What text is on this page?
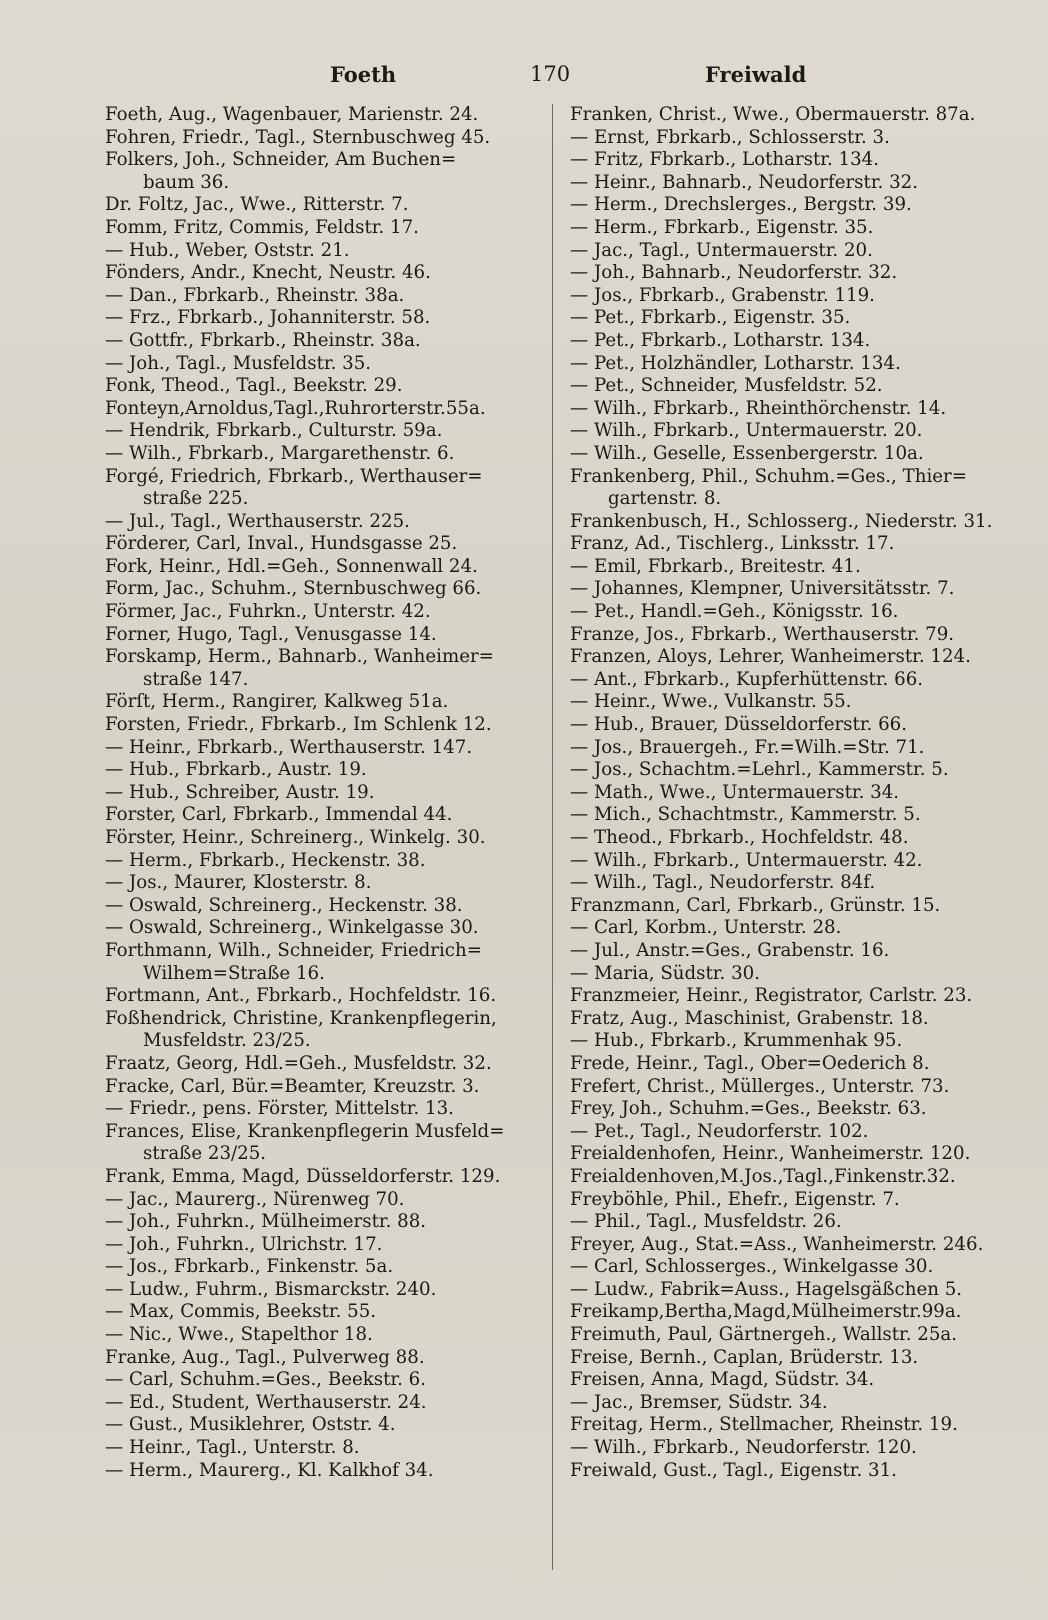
Foeth	170	Freiwald
Foeth, Aug., Wagenbauer, Marienstr. 24.
Fohren, Friedr., Tagl., Sternbuschweg 45.
Folkers, Joh., Schneider, Am Buchen=
baum 36.
Dr. Foltz, Jac., Wwe., Ritterstr. 7.
Fomm, Fritz, Commis, Feldstr. 17.
— Hub., Weber, Oststr. 21.
Fönders, Andr., Knecht, Neustr. 46.
— Dan., Fbrkarb., Rheinstr. 38a.
— Frz., Fbrkarb., Johanniterstr. 58.
— Gottfr., Fbrkarb., Rheinstr. 38a.
— Joh., Tagl., Musfeldstr. 35.
Fonk, Theod., Tagl., Beekstr. 29.
Fonteyn,Arnoldus,Tagl.,Ruhrorterstr.55a.
— Hendrik, Fbrkarb., Culturstr. 59a.
— Wilh., Fbrkarb., Margarethenstr. 6.
Forgé, Friedrich, Fbrkarb., Werthauser=
straße 225.
— Jul., Tagl., Werthauserstr. 225.
Förderer, Carl, Inval., Hundsgasse 25.
Fork, Heinr., Hdl.=Geh., Sonnenwall 24.
Form, Jac., Schuhm., Sternbuschweg 66.
Förmer, Jac., Fuhrkn., Unterstr. 42.
Forner, Hugo, Tagl., Venusgasse 14.
Forskamp, Herm., Bahnarb., Wanheimer=
straße 147.
Förſt, Herm., Rangirer, Kalkweg 51a.
Forsten, Friedr., Fbrkarb., Im Schlenk 12.
— Heinr., Fbrkarb., Werthauserstr. 147.
— Hub., Fbrkarb., Austr. 19.
— Hub., Schreiber, Austr. 19.
Forster, Carl, Fbrkarb., Immendal 44.
Förster, Heinr., Schreinerg., Winkelg. 30.
— Herm., Fbrkarb., Heckenstr. 38.
— Jos., Maurer, Klosterstr. 8.
— Oswald, Schreinerg., Heckenstr. 38.
— Oswald, Schreinerg., Winkelgasse 30.
Forthmann, Wilh., Schneider, Friedrich=
Wilhem=Straße 16.
Fortmann, Ant., Fbrkarb., Hochfeldstr. 16.
Foßhendrick, Christine, Krankenpflegerin,
Musfeldstr. 23/25.
Fraatz, Georg, Hdl.=Geh., Musfeldstr. 32.
Fracke, Carl, Bür.=Beamter, Kreuzstr. 3.
— Friedr., pens. Förster, Mittelstr. 13.
Frances, Elise, Krankenpflegerin Musfeld=
straße 23/25.
Frank, Emma, Magd, Düsseldorferstr. 129.
— Jac., Maurerg., Nürenweg 70.
— Joh., Fuhrkn., Mülheimerstr. 88.
— Joh., Fuhrkn., Ulrichstr. 17.
— Jos., Fbrkarb., Finkenstr. 5a.
— Ludw., Fuhrm., Bismarckstr. 240.
— Max, Commis, Beekstr. 55.
— Nic., Wwe., Stapelthor 18.
Franke, Aug., Tagl., Pulverweg 88.
— Carl, Schuhm.=Ges., Beekstr. 6.
— Ed., Student, Werthauserstr. 24.
— Gust., Musiklehrer, Oststr. 4.
— Heinr., Tagl., Unterstr. 8.
— Herm., Maurerg., Kl. Kalkhof 34.
Franken, Christ., Wwe., Obermauerstr. 87a.
— Ernst, Fbrkarb., Schlosserstr. 3.
— Fritz, Fbrkarb., Lotharstr. 134.
— Heinr., Bahnarb., Neudorferstr. 32.
— Herm., Drechslerges., Bergstr. 39.
— Herm., Fbrkarb., Eigenstr. 35.
— Jac., Tagl., Untermauerstr. 20.
— Joh., Bahnarb., Neudorferstr. 32.
— Jos., Fbrkarb., Grabenstr. 119.
— Pet., Fbrkarb., Eigenstr. 35.
— Pet., Fbrkarb., Lotharstr. 134.
— Pet., Holzhändler, Lotharstr. 134.
— Pet., Schneider, Musfeldstr. 52.
— Wilh., Fbrkarb., Rheinthörchenstr. 14.
— Wilh., Fbrkarb., Untermauerstr. 20.
— Wilh., Geselle, Essenbergerstr. 10a.
Frankenberg, Phil., Schuhm.=Ges., Thier=
gartenstr. 8.
Frankenbusch, H., Schlosserg., Niederstr. 31.
Franz, Ad., Tischlerg., Linksstr. 17.
— Emil, Fbrkarb., Breitestr. 41.
— Johannes, Klempner, Universitätsstr. 7.
— Pet., Handl.=Geh., Königsstr. 16.
Franze, Jos., Fbrkarb., Werthauserstr. 79.
Franzen, Aloys, Lehrer, Wanheimerstr. 124.
— Ant., Fbrkarb., Kupferhüttenstr. 66.
— Heinr., Wwe., Vulkanstr. 55.
— Hub., Brauer, Düsseldorferstr. 66.
— Jos., Brauergeh., Fr.=Wilh.=Str. 71.
— Jos., Schachtm.=Lehrl., Kammerstr. 5.
— Math., Wwe., Untermauerstr. 34.
— Mich., Schachtmstr., Kammerstr. 5.
— Theod., Fbrkarb., Hochfeldstr. 48.
— Wilh., Fbrkarb., Untermauerstr. 42.
— Wilh., Tagl., Neudorferstr. 84f.
Franzmann, Carl, Fbrkarb., Grünstr. 15.
— Carl, Korbm., Unterstr. 28.
— Jul., Anstr.=Ges., Grabenstr. 16.
— Maria, Südstr. 30.
Franzmeier, Heinr., Registrator, Carlstr. 23.
Fratz, Aug., Maschinist, Grabenstr. 18.
— Hub., Fbrkarb., Krummenhak 95.
Frede, Heinr., Tagl., Ober=Oederich 8.
Frefert, Christ., Müllerges., Unterstr. 73.
Frey, Joh., Schuhm.=Ges., Beekstr. 63.
— Pet., Tagl., Neudorferstr. 102.
Freialdenhofen, Heinr., Wanheimerstr. 120.
Freialdenhoven,M.Jos.,Tagl.,Finkenstr.32.
Freyböhle, Phil., Ehefr., Eigenstr. 7.
— Phil., Tagl., Musfeldstr. 26.
Freyer, Aug., Stat.=Ass., Wanheimerstr. 246.
— Carl, Schlosserges., Winkelgasse 30.
— Ludw., Fabrik=Auss., Hagelsgäßchen 5.
Freikamp,Bertha,Magd,Mülheimerstr.99a.
Freimuth, Paul, Gärtnergeh., Wallstr. 25a.
Freise, Bernh., Caplan, Brüderstr. 13.
Freisen, Anna, Magd, Südstr. 34.
— Jac., Bremser, Südstr. 34.
Freitag, Herm., Stellmacher, Rheinstr. 19.
— Wilh., Fbrkarb., Neudorferstr. 120.
Freiwald, Gust., Tagl., Eigenstr. 31.
